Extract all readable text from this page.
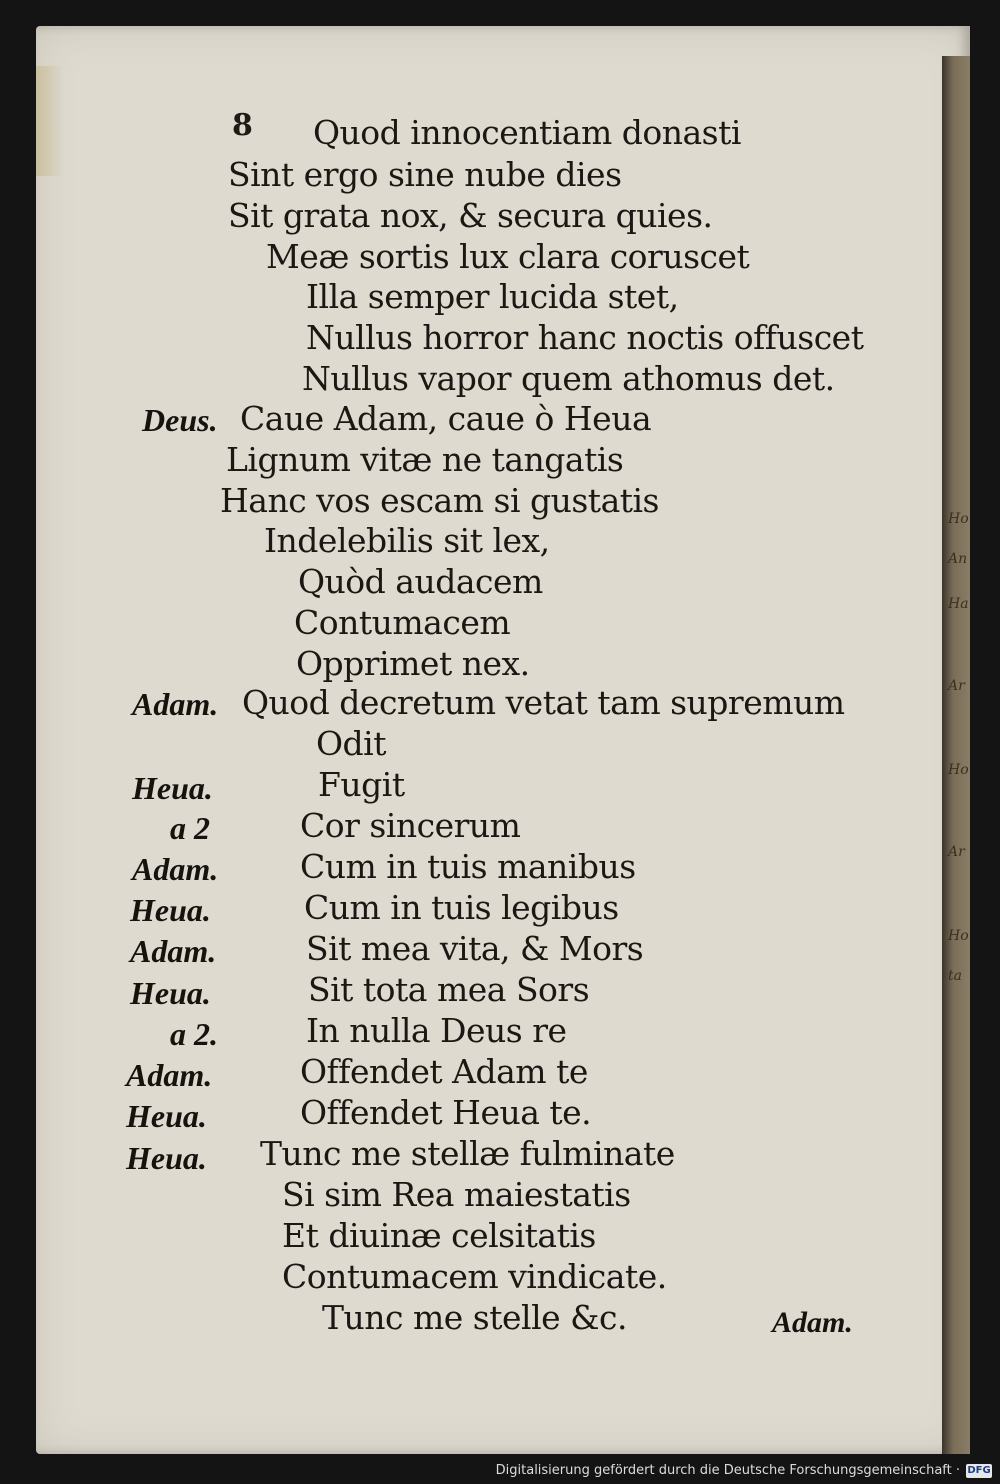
8 Quod innocentiam donasti
Sint ergo sine nube dies
Sit grata nox, & secura quies.
Meæ sortis lux clara coruscet
Illa semper lucida stet,
Nullus horror hanc noctis offuscet
Nullus vapor quem athomus det.
Deus. Caue Adam, caue ò Heua
Lignum vitæ ne tangatis
Hanc vos escam si gustatis
Indelebilis sit lex,
Quòd audacem
Contumacem
Opprimet nex.
Adam. Quod decretum vetat tam supremum
Odit
Heua.	Fugit
a 2	Cor sincerum
Adam. Cum in tuis manibus
Heua.	Cum in tuis legibus
Adam.	Sit mea vita, & Mors
Heua.	Sit tota mea Sors
a 2.	In nulla Deus re
Adam.	Offendet Adam te
Heua.	Offendet Heua te.
Heua. Tunc me stellæ fulminate
Si sim Rea maiestatis
Et diuinæ celsitatis
Contumacem vindicate.
Tunc me stelle &c.	Adam.
Ho
An
Ha
Ar
Ho
Ar
Ho
ta
Digitalisierung gefördert durch die Deutsche Forschungsgemeinschaft · DFG
